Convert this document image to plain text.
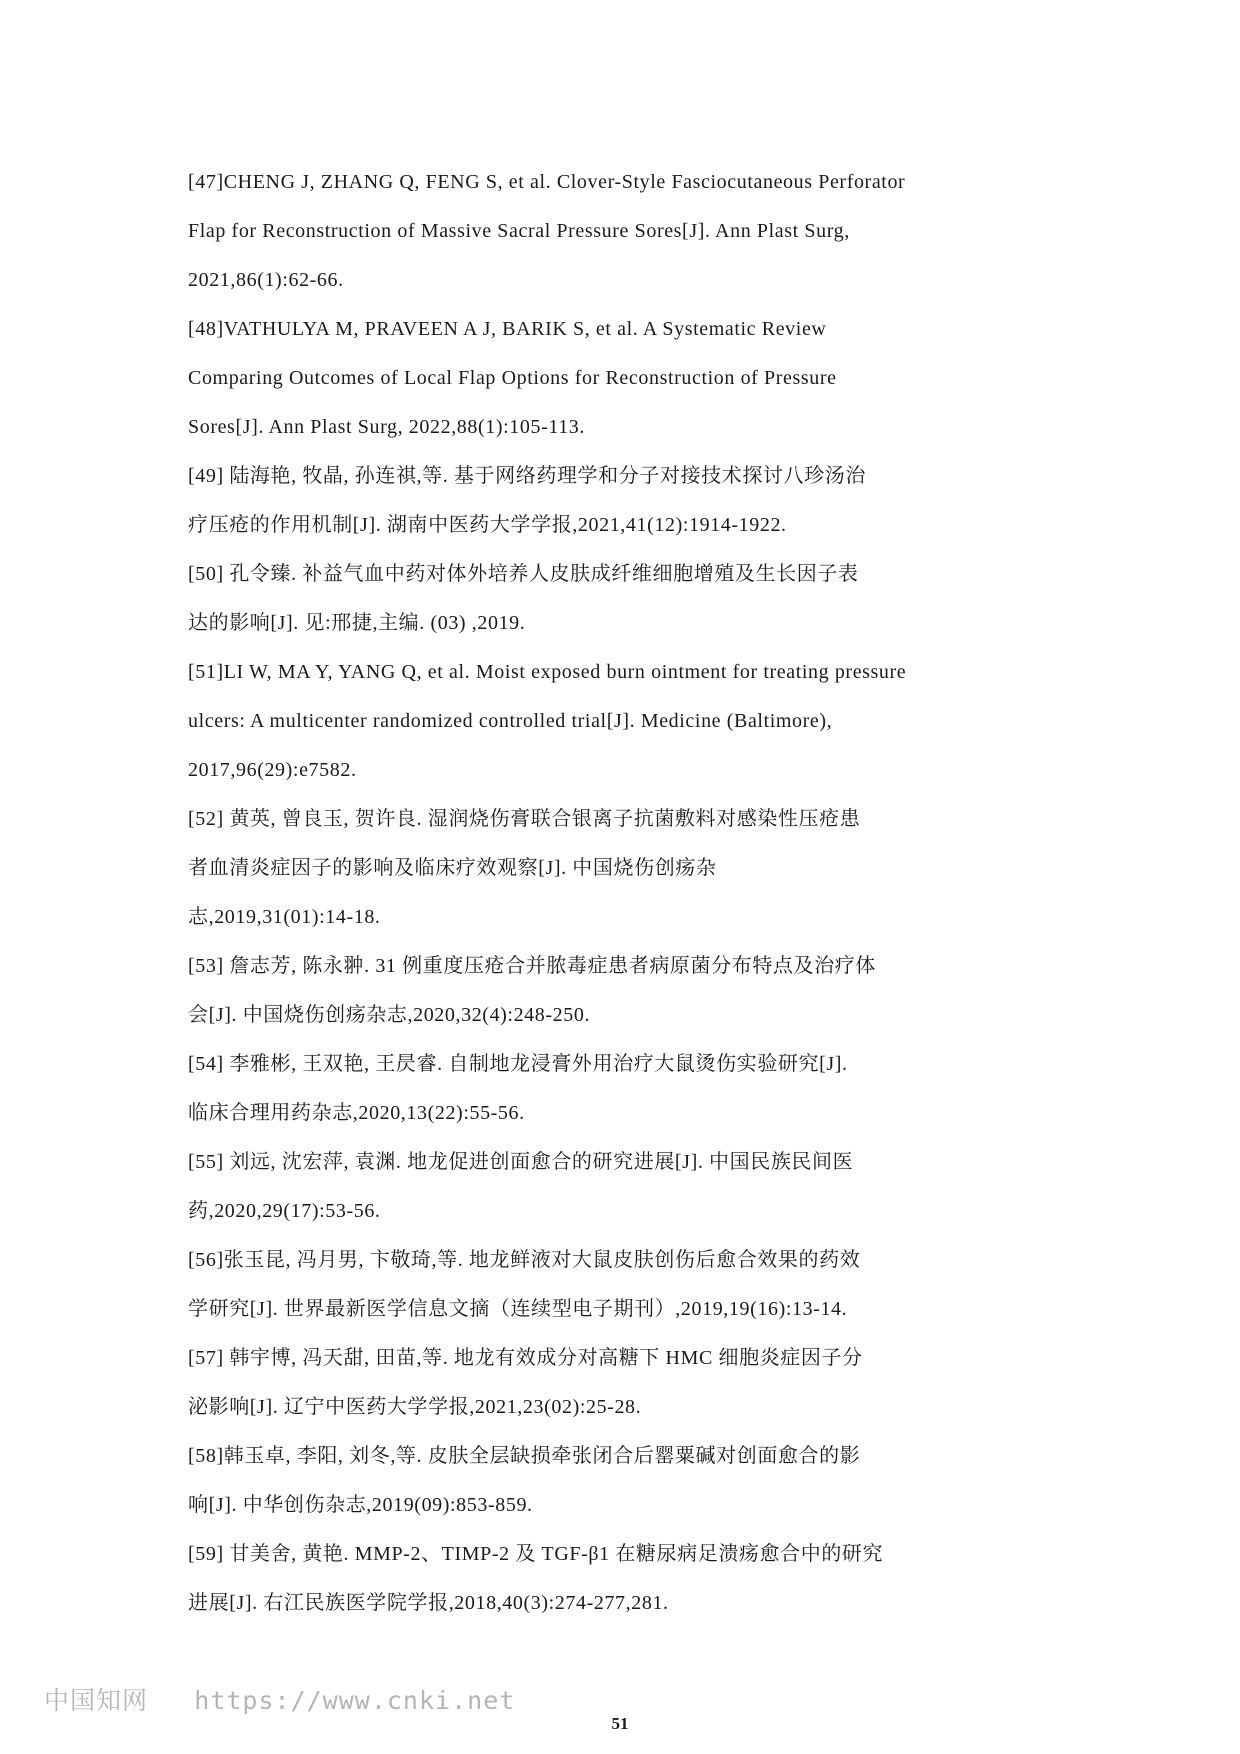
[47]CHENG J, ZHANG Q, FENG S, et al. Clover-Style Fasciocutaneous Perforator
Flap for Reconstruction of Massive Sacral Pressure Sores[J]. Ann Plast Surg,
2021,86(1):62-66.
[48]VATHULYA M, PRAVEEN A J, BARIK S, et al. A Systematic Review
Comparing Outcomes of Local Flap Options for Reconstruction of Pressure
Sores[J]. Ann Plast Surg, 2022,88(1):105-113.
[49] 陆海艳, 牧晶, 孙连祺,等. 基于网络药理学和分子对接技术探讨八珍汤治
疗压疮的作用机制[J]. 湖南中医药大学学报,2021,41(12):1914-1922.
[50] 孔令臻. 补益气血中药对体外培养人皮肤成纤维细胞增殖及生长因子表
达的影响[J]. 见:邢捷,主编. (03) ,2019.
[51]LI W, MA Y, YANG Q, et al. Moist exposed burn ointment for treating pressure
ulcers: A multicenter randomized controlled trial[J]. Medicine (Baltimore),
2017,96(29):e7582.
[52] 黄英, 曾良玉, 贺许良. 湿润烧伤膏联合银离子抗菌敷料对感染性压疮患
者血清炎症因子的影响及临床疗效观察[J]. 中国烧伤创疡杂
志,2019,31(01):14-18.
[53] 詹志芳, 陈永翀. 31 例重度压疮合并脓毒症患者病原菌分布特点及治疗体
会[J]. 中国烧伤创疡杂志,2020,32(4):248-250.
[54] 李雅彬, 王双艳, 王昃睿. 自制地龙浸膏外用治疗大鼠烫伤实验研究[J].
临床合理用药杂志,2020,13(22):55-56.
[55] 刘远, 沈宏萍, 袁渊. 地龙促进创面愈合的研究进展[J]. 中国民族民间医
药,2020,29(17):53-56.
[56]张玉昆, 冯月男, 卞敬琦,等. 地龙鲜液对大鼠皮肤创伤后愈合效果的药效
学研究[J]. 世界最新医学信息文摘（连续型电子期刊）,2019,19(16):13-14.
[57] 韩宇博, 冯天甜, 田苗,等. 地龙有效成分对高糖下 HMC 细胞炎症因子分
泌影响[J]. 辽宁中医药大学学报,2021,23(02):25-28.
[58]韩玉卓, 李阳, 刘冬,等. 皮肤全层缺损牵张闭合后罂粟碱对创面愈合的影
响[J]. 中华创伤杂志,2019(09):853-859.
[59] 甘美舍, 黄艳. MMP-2、TIMP-2 及 TGF-β1 在糖尿病足溃疡愈合中的研究
进展[J]. 右江民族医学院学报,2018,40(3):274-277,281.
中国知网 https://www.cnki.net
51
